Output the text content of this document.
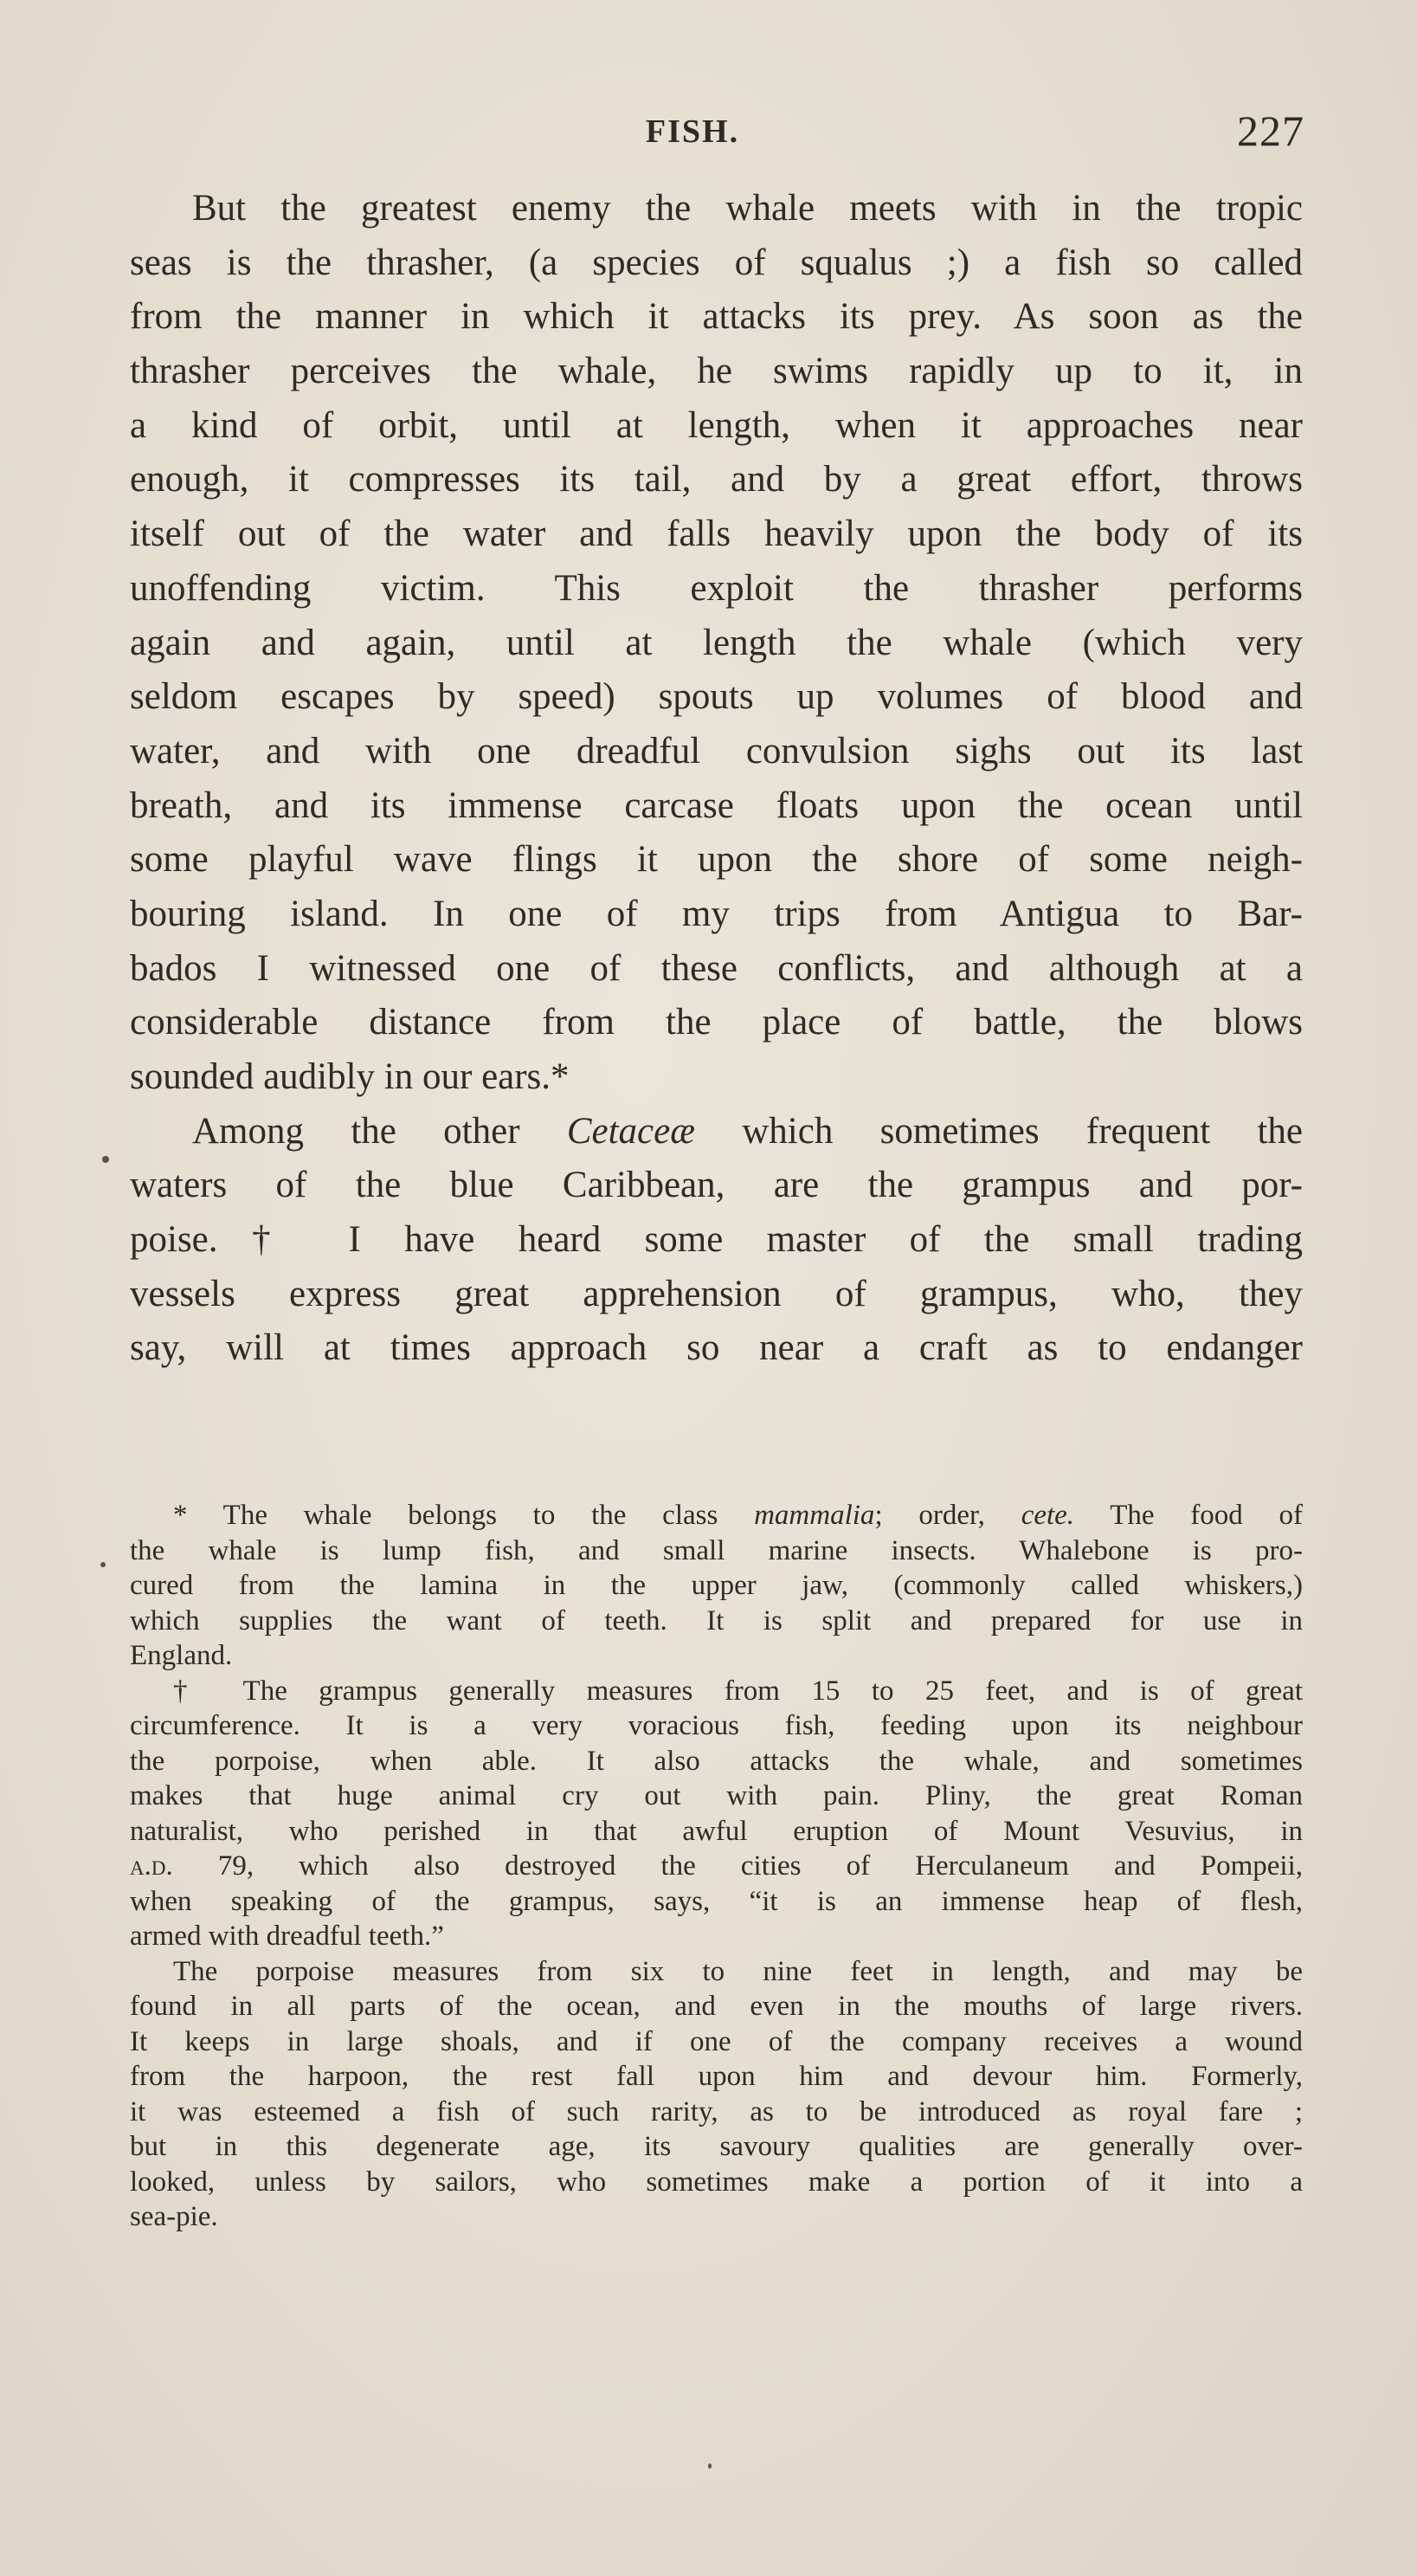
FISH.	227
But the greatest enemy the whale meets with in the tropic
seas is the thrasher, (a species of squalus ;) a fish so called
from the manner in which it attacks its prey. As soon as the
thrasher perceives the whale, he swims rapidly up to it, in
a kind of orbit, until at length, when it approaches near
enough, it compresses its tail, and by a great effort, throws
itself out of the water and falls heavily upon the body of its
unoffending victim. This exploit the thrasher performs
again and again, until at length the whale (which very
seldom escapes by speed) spouts up volumes of blood and
water, and with one dreadful convulsion sighs out its last
breath, and its immense carcase floats upon the ocean until
some playful wave flings it upon the shore of some neigh-
bouring island. In one of my trips from Antigua to Bar-
bados I witnessed one of these conflicts, and although at a
considerable distance from the place of battle, the blows
sounded audibly in our ears.*
Among the other Cetaceæ which sometimes frequent the
waters of the blue Caribbean, are the grampus and por-
poise.† I have heard some master of the small trading
vessels express great apprehension of grampus, who, they
say, will at times approach so near a craft as to endanger
* The whale belongs to the class mammalia; order, cete. The food of
the whale is lump fish, and small marine insects. Whalebone is pro-
cured from the lamina in the upper jaw, (commonly called whiskers,)
which supplies the want of teeth. It is split and prepared for use in
England.
† The grampus generally measures from 15 to 25 feet, and is of great
circumference. It is a very voracious fish, feeding upon its neighbour
the porpoise, when able. It also attacks the whale, and sometimes
makes that huge animal cry out with pain. Pliny, the great Roman
naturalist, who perished in that awful eruption of Mount Vesuvius, in
a.d. 79, which also destroyed the cities of Herculaneum and Pompeii,
when speaking of the grampus, says, “it is an immense heap of flesh,
armed with dreadful teeth.”
The porpoise measures from six to nine feet in length, and may be
found in all parts of the ocean, and even in the mouths of large rivers.
It keeps in large shoals, and if one of the company receives a wound
from the harpoon, the rest fall upon him and devour him. Formerly,
it was esteemed a fish of such rarity, as to be introduced as royal fare ;
but in this degenerate age, its savoury qualities are generally over-
looked, unless by sailors, who sometimes make a portion of it into a
sea-pie.
